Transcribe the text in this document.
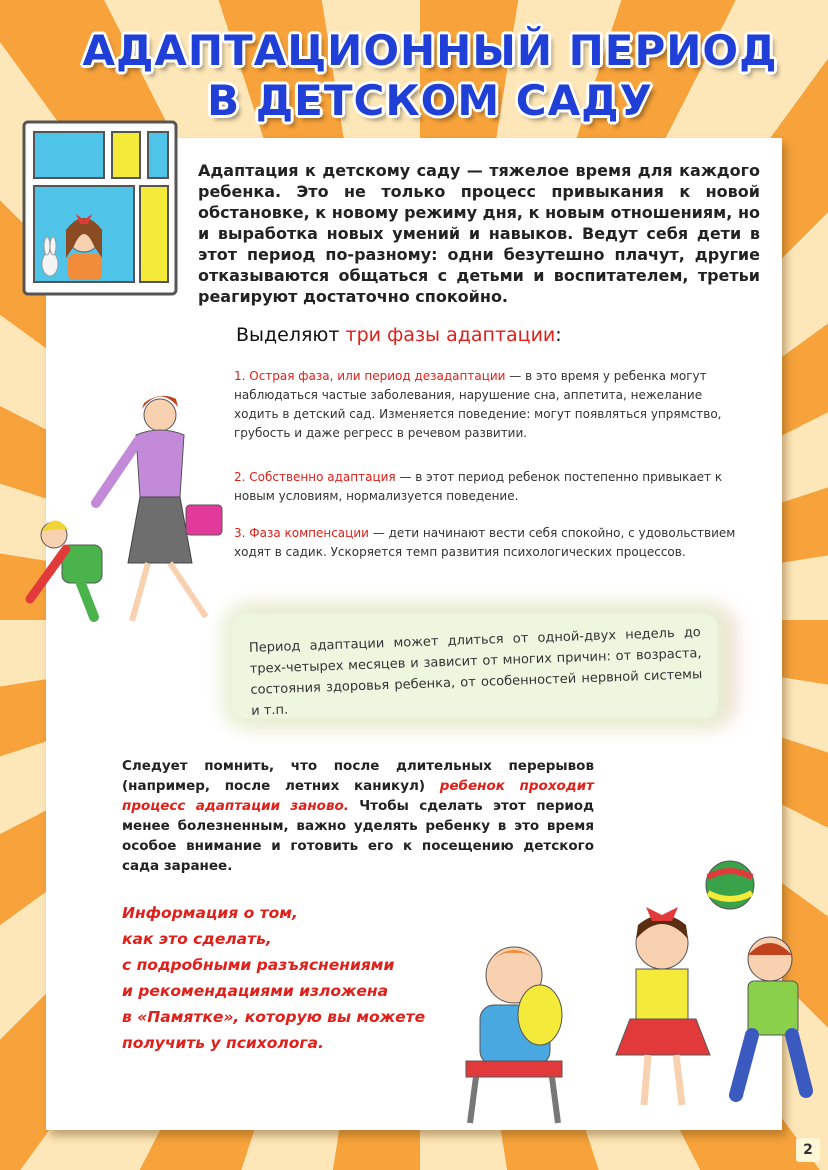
АДАПТАЦИОННЫЙ ПЕРИОД
В ДЕТСКОМ САДУ

Адаптация к детскому саду — тяжелое время для каждого ребенка. Это не только процесс привыкания к новой обстановке, к новому режиму дня, к новым отношениям, но и выработка новых умений и навыков. Ведут себя дети в этот период по-разному: одни безутешно плачут, другие отказываются общаться с детьми и воспитателем, третьи реагируют достаточно спокойно.

Выделяют три фазы адаптации:

1. Острая фаза, или период дезадаптации — в это время у ребенка могут наблюдаться частые заболевания, нарушение сна, аппетита, нежелание ходить в детский сад. Изменяется поведение: могут появляться упрямство, грубость и даже регресс в речевом развитии.

2. Собственно адаптация — в этот период ребенок постепенно привыкает к новым условиям, нормализуется поведение.

3. Фаза компенсации — дети начинают вести себя спокойно, с удовольствием ходят в садик. Ускоряется темп развития психологических процессов.

Период адаптации может длиться от одной-двух недель до трех-четырех месяцев и зависит от многих причин: от возраста, состояния здоровья ребенка, от особенностей нервной системы и т.п.

Следует помнить, что после длительных перерывов (например, после летних каникул) ребенок проходит процесс адаптации заново. Чтобы сделать этот период менее болезненным, важно уделять ребенку в это время особое внимание и готовить его к посещению детского сада заранее.

Информация о том,
как это сделать,
с подробными разъяснениями
и рекомендациями изложена
в «Памятке», которую вы можете
получить у психолога.
2
